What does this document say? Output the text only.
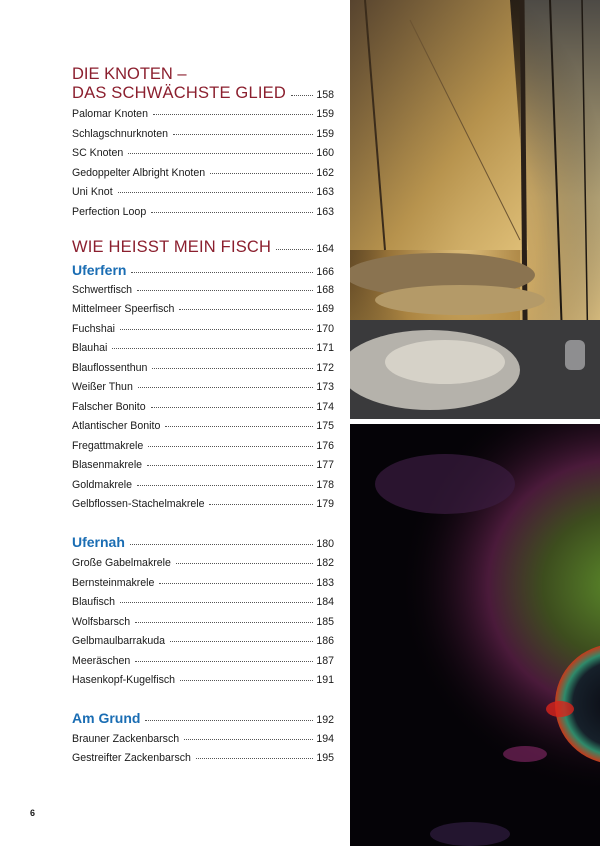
DIE KNOTEN –
DAS SCHWÄCHSTE GLIED	158
Palomar Knoten	159
Schlagschnurknoten	159
SC Knoten	160
Gedoppelter Albright Knoten	162
Uni Knot	163
Perfection Loop	163
WIE HEISST MEIN FISCH	164
Uferfern	166
Schwertfisch	168
Mittelmeer Speerfisch	169
Fuchshai	170
Blauhai	171
Blauflossenthun	172
Weißer Thun	173
Falscher Bonito	174
Atlantischer Bonito	175
Fregattmakrele	176
Blasenmakrele	177
Goldmakrele	178
Gelbflossen-Stachelmakrele	179
Ufernah	180
Große Gabelmakrele	182
Bernsteinmakrele	183
Blaufisch	184
Wolfsbarsch	185
Gelbmaulbarrakuda	186
Meeräschen	187
Hasenkopf-Kugelfisch	191
Am Grund	192
Brauner Zackenbarsch	194
Gestreifter Zackenbarsch	195
6
